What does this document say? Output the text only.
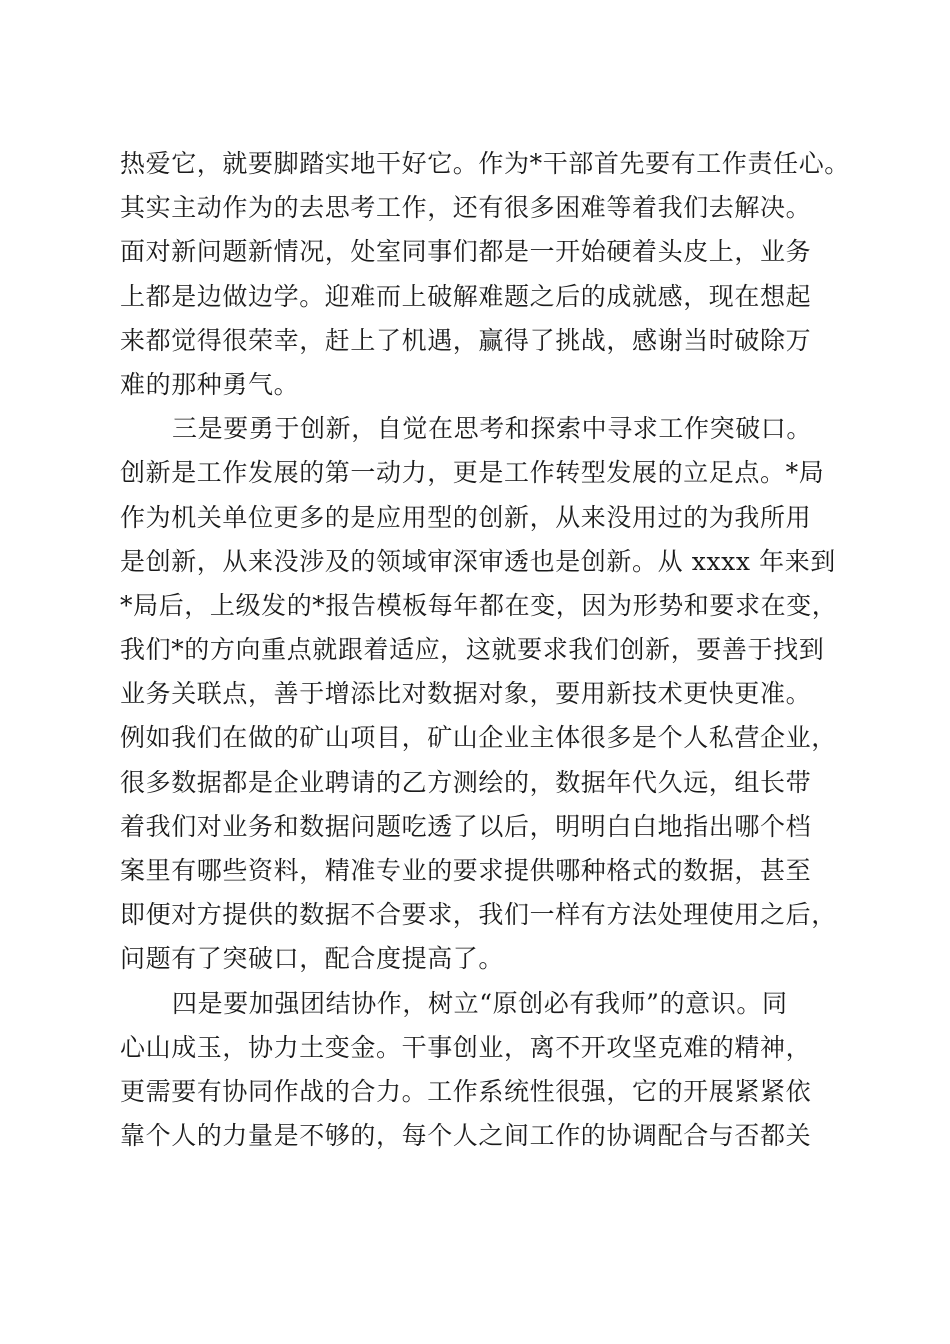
热爱它，就要脚踏实地干好它。作为*干部首先要有工作责任心。
其实主动作为的去思考工作，还有很多困难等着我们去解决。
面对新问题新情况，处室同事们都是一开始硬着头皮上，业务
上都是边做边学。迎难而上破解难题之后的成就感，现在想起
来都觉得很荣幸，赶上了机遇，赢得了挑战，感谢当时破除万
难的那种勇气。
三是要勇于创新，自觉在思考和探索中寻求工作突破口。
创新是工作发展的第一动力，更是工作转型发展的立足点。*局
作为机关单位更多的是应用型的创新，从来没用过的为我所用
是创新，从来没涉及的领域审深审透也是创新。从 xxxx 年来到
*局后，上级发的*报告模板每年都在变，因为形势和要求在变，
我们*的方向重点就跟着适应，这就要求我们创新，要善于找到
业务关联点，善于增添比对数据对象，要用新技术更快更准。
例如我们在做的矿山项目，矿山企业主体很多是个人私营企业，
很多数据都是企业聘请的乙方测绘的，数据年代久远，组长带
着我们对业务和数据问题吃透了以后，明明白白地指出哪个档
案里有哪些资料，精准专业的要求提供哪种格式的数据，甚至
即便对方提供的数据不合要求，我们一样有方法处理使用之后，
问题有了突破口，配合度提高了。
四是要加强团结协作，树立“原创必有我师”的意识。同
心山成玉，协力土变金。干事创业，离不开攻坚克难的精神，
更需要有协同作战的合力。工作系统性很强，它的开展紧紧依
靠个人的力量是不够的，每个人之间工作的协调配合与否都关
